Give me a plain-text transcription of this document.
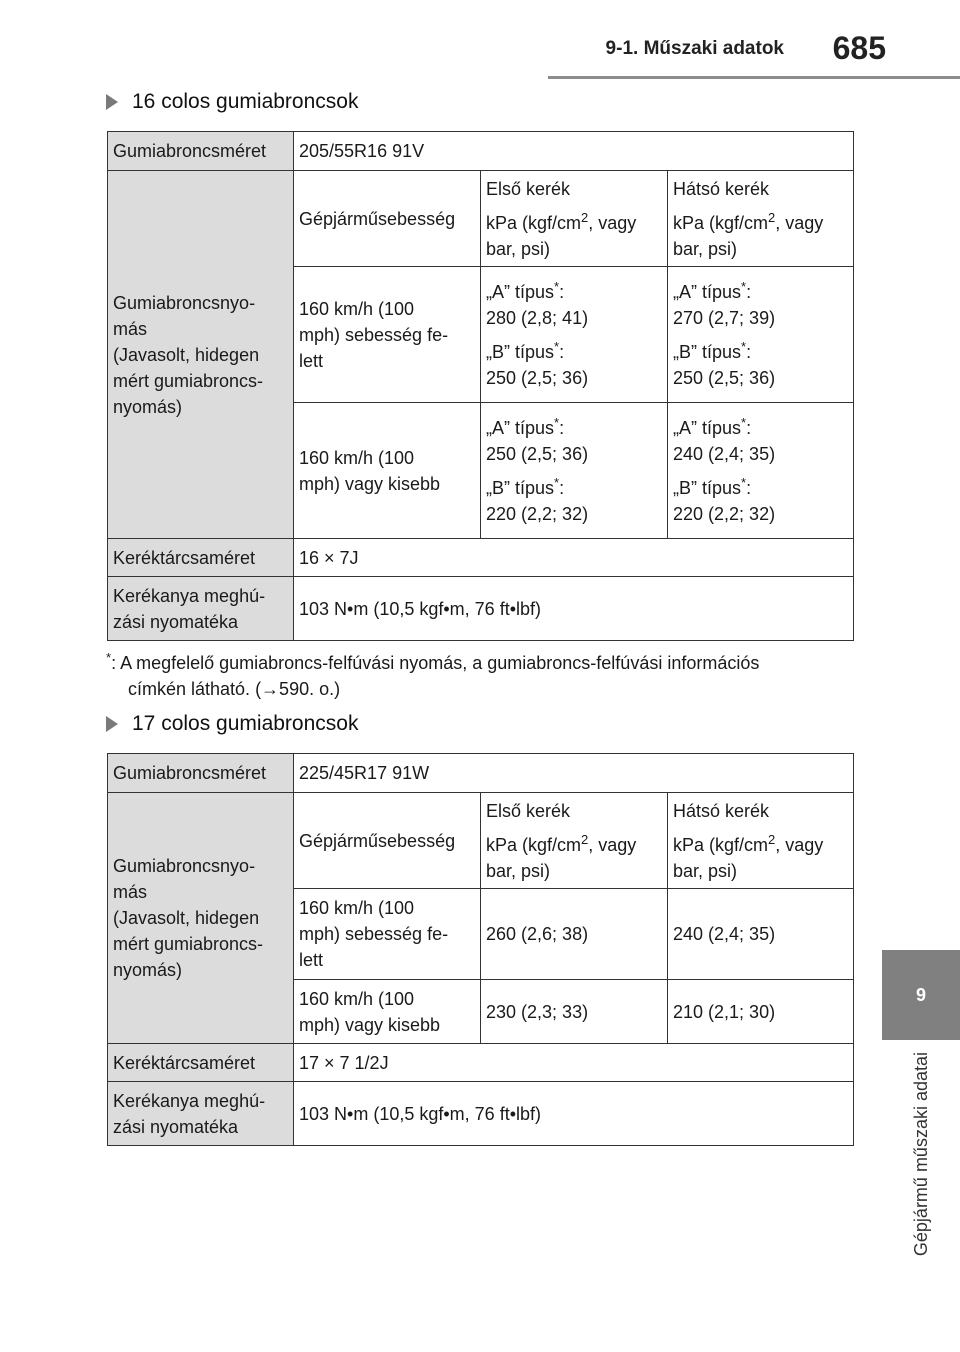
9-1. Műszaki adatok 685
9
Gépjármű műszaki adatai
16 colos gumiabroncsok
Gumiabroncsméret	205/55R16 91V		

Gumiabroncsnyo-
más
(Javasolt, hidegen
mért gumiabroncs-
nyomás)	Gépjárműsebesség	Első kerék
kPa ($kgf/cm^2$, vagy
bar, psi)	Hátsó kerék
kPa ($kgf/cm^2$, vagy
bar, psi)

	160 km/h (100
mph) sebesség fe-
lett	„A” típus*:
280 (2,8; 41)
„B” típus*:
250 (2,5; 36)	„A” típus*:
270 (2,7; 39)
„B” típus*:
250 (2,5; 36)

	160 km/h (100
mph) vagy kisebb	„A” típus*:
250 (2,5; 36)
„B” típus*:
220 (2,2; 32)	„A” típus*:
240 (2,4; 35)
„B” típus*:
220 (2,2; 32)

Keréktárcsaméret	16 × 7J		

Kerékanya meghú-
zási nyomatéka	103 N•m (10,5 kgf•m, 76 ft•lbf)		
*: A megfelelő gumiabroncs-felfúvási nyomás, a gumiabroncs-felfúvási információs
címkén látható. (→590. o.)
17 colos gumiabroncsok
Gumiabroncsméret	225/45R17 91W		

Gumiabroncsnyo-
más
(Javasolt, hidegen
mért gumiabroncs-
nyomás)	Gépjárműsebesség	Első kerék
kPa ($kgf/cm^2$, vagy
bar, psi)	Hátsó kerék
kPa ($kgf/cm^2$, vagy
bar, psi)

	160 km/h (100
mph) sebesség fe-
lett	260 (2,6; 38)	240 (2,4; 35)

	160 km/h (100
mph) vagy kisebb	230 (2,3; 33)	210 (2,1; 30)
Keréktárcsaméret	17 × 7 1/2J		

Kerékanya meghú-
zási nyomatéka	103 N•m (10,5 kgf•m, 76 ft•lbf)		
